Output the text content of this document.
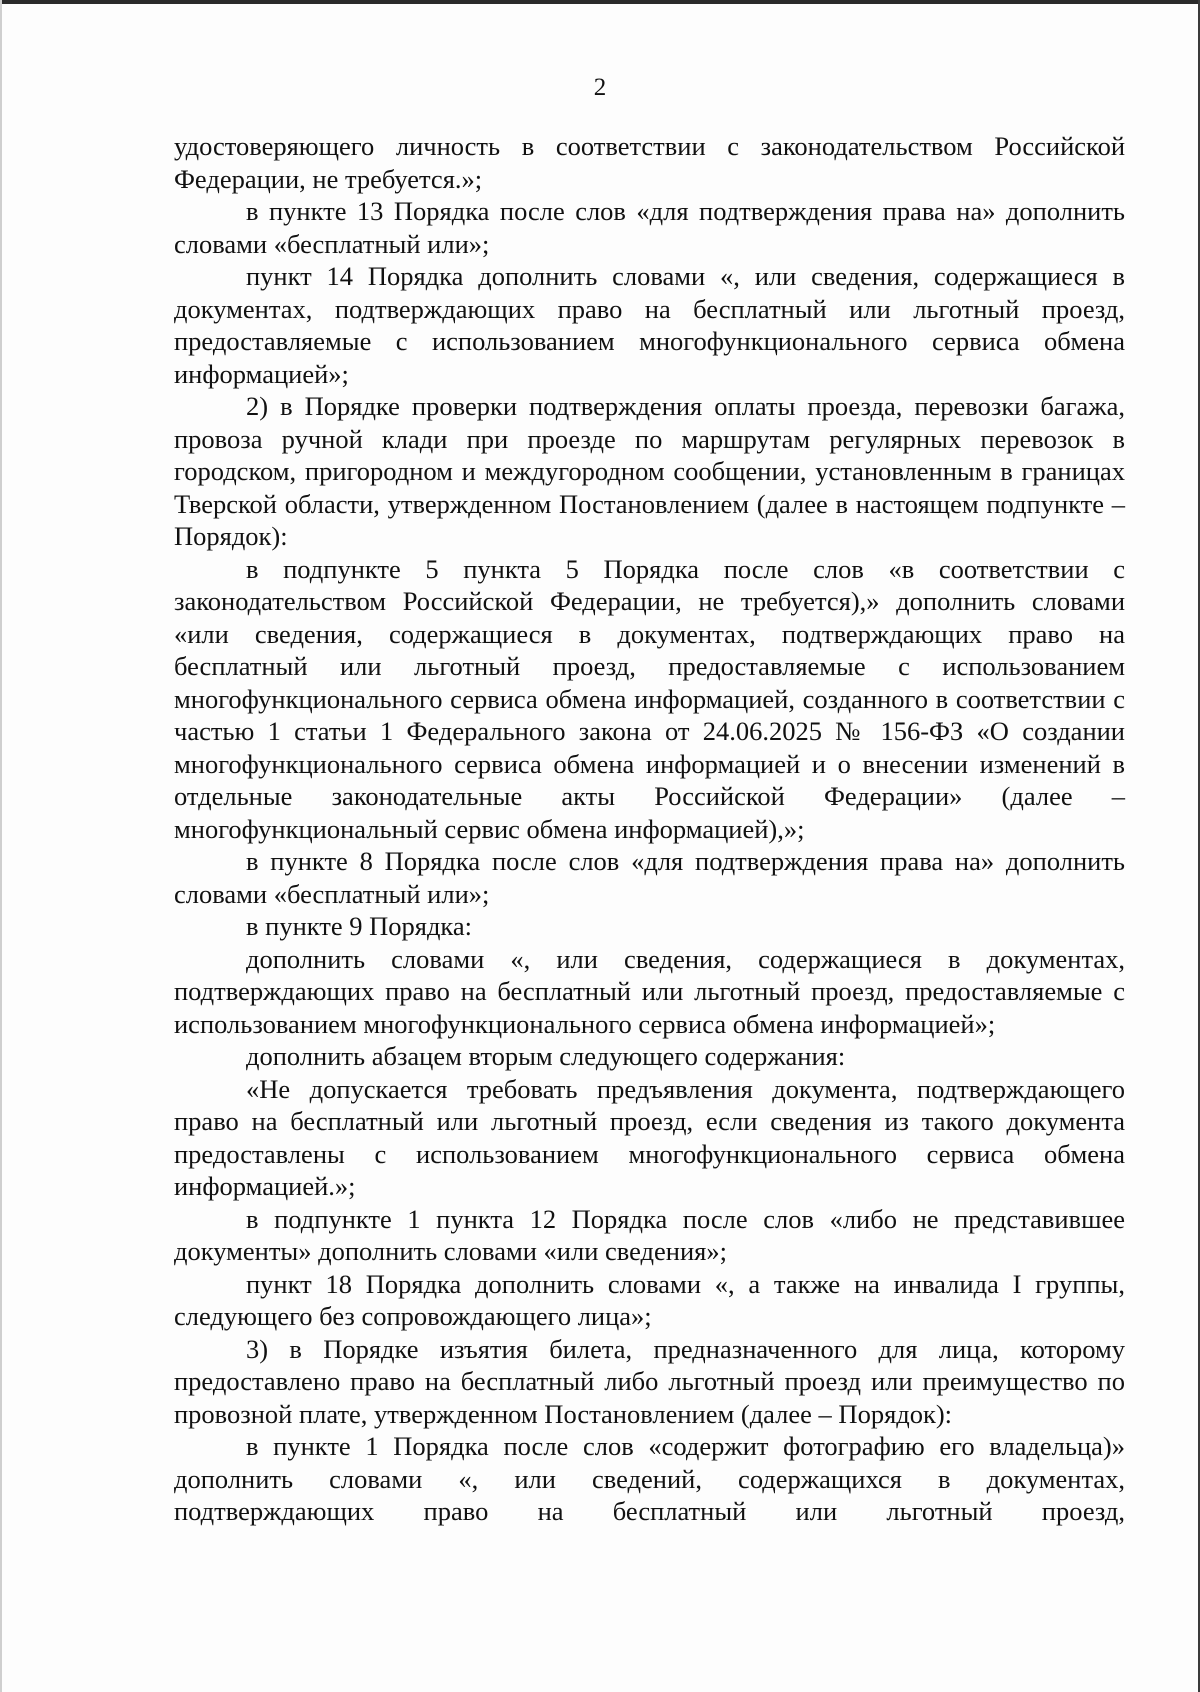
2

удостоверяющего личность в соответствии с законодательством Российской Федерации, не требуется.»;

в пункте 13 Порядка после слов «для подтверждения права на» дополнить словами «бесплатный или»;

пункт 14 Порядка дополнить словами «, или сведения, содержащиеся в документах, подтверждающих право на бесплатный или льготный проезд, предоставляемые с использованием многофункционального сервиса обмена информацией»;

2) в Порядке проверки подтверждения оплаты проезда, перевозки багажа, провоза ручной клади при проезде по маршрутам регулярных перевозок в городском, пригородном и междугородном сообщении, установленным в границах Тверской области, утвержденном Постановлением (далее в настоящем подпункте – Порядок):

в подпункте 5 пункта 5 Порядка после слов «в соответствии с законодательством Российской Федерации, не требуется),» дополнить словами «или сведения, содержащиеся в документах, подтверждающих право на бесплатный или льготный проезд, предоставляемые с использованием многофункционального сервиса обмена информацией, созданного в соответствии с частью 1 статьи 1 Федерального закона от 24.06.2025 № 156-ФЗ «О создании многофункционального сервиса обмена информацией и о внесении изменений в отдельные законодательные акты Российской Федерации» (далее – многофункциональный сервис обмена информацией),»;

в пункте 8 Порядка после слов «для подтверждения права на» дополнить словами «бесплатный или»;

в пункте 9 Порядка:

дополнить словами «, или сведения, содержащиеся в документах, подтверждающих право на бесплатный или льготный проезд, предоставляемые с использованием многофункционального сервиса обмена информацией»;

дополнить абзацем вторым следующего содержания:

«Не допускается требовать предъявления документа, подтверждающего право на бесплатный или льготный проезд, если сведения из такого документа предоставлены с использованием многофункционального сервиса обмена информацией.»;

в подпункте 1 пункта 12 Порядка после слов «либо не представившее документы» дополнить словами «или сведения»;

пункт 18 Порядка дополнить словами «, а также на инвалида I группы, следующего без сопровождающего лица»;

3) в Порядке изъятия билета, предназначенного для лица, которому предоставлено право на бесплатный либо льготный проезд или преимущество по провозной плате, утвержденном Постановлением (далее – Порядок):

в пункте 1 Порядка после слов «содержит фотографию его владельца)» дополнить словами «, или сведений, содержащихся в документах, подтверждающих право на бесплатный или льготный проезд,
